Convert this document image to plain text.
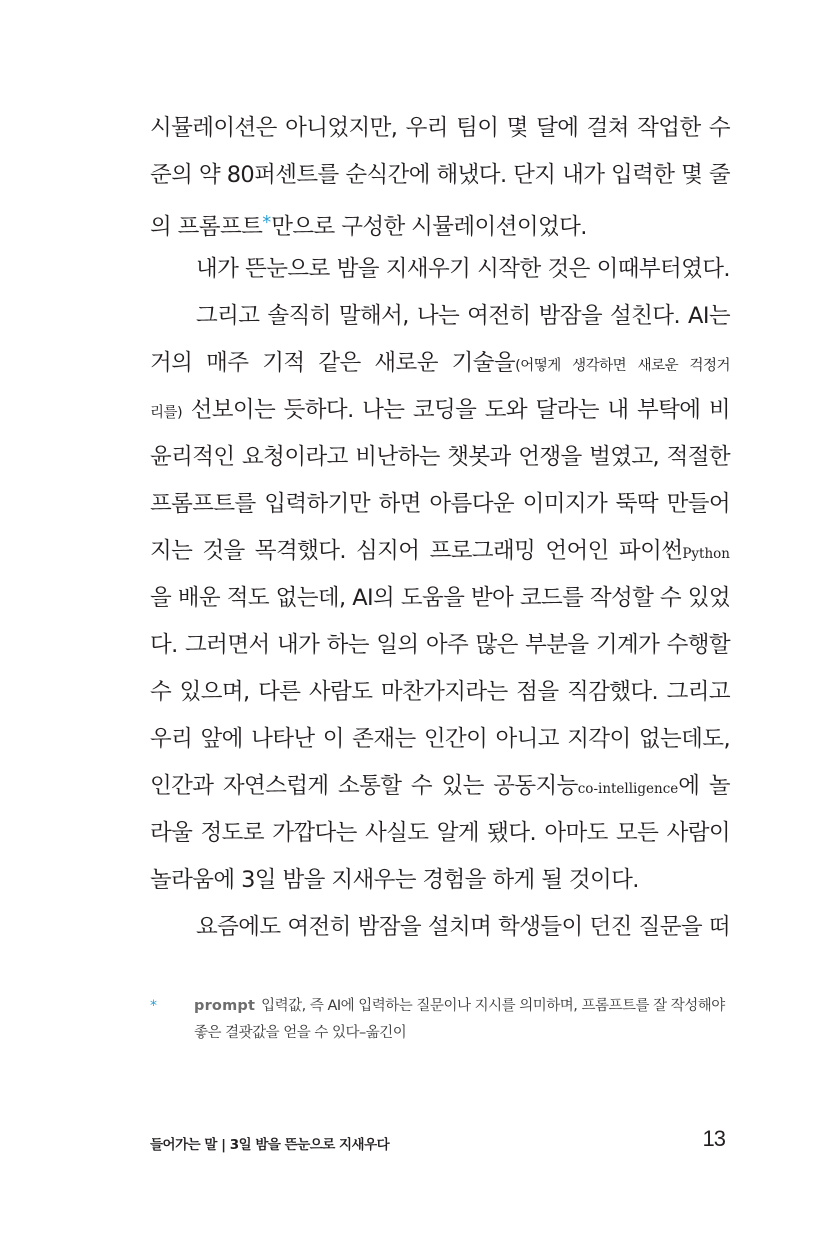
시뮬레이션은 아니었지만, 우리 팀이 몇 달에 걸쳐 작업한 수
준의 약 80퍼센트를 순식간에 해냈다. 단지 내가 입력한 몇 줄
의 프롬프트*만으로 구성한 시뮬레이션이었다.
내가 뜬눈으로 밤을 지새우기 시작한 것은 이때부터였다.
그리고 솔직히 말해서, 나는 여전히 밤잠을 설친다. AI는
거의 매주 기적 같은 새로운 기술을(어떻게 생각하면 새로운 걱정거
리를) 선보이는 듯하다. 나는 코딩을 도와 달라는 내 부탁에 비
윤리적인 요청이라고 비난하는 챗봇과 언쟁을 벌였고, 적절한
프롬프트를 입력하기만 하면 아름다운 이미지가 뚝딱 만들어
지는 것을 목격했다. 심지어 프로그래밍 언어인 파이썬Python
을 배운 적도 없는데, AI의 도움을 받아 코드를 작성할 수 있었
다. 그러면서 내가 하는 일의 아주 많은 부분을 기계가 수행할
수 있으며, 다른 사람도 마찬가지라는 점을 직감했다. 그리고
우리 앞에 나타난 이 존재는 인간이 아니고 지각이 없는데도,
인간과 자연스럽게 소통할 수 있는 공동지능co-intelligence에 놀
라울 정도로 가깝다는 사실도 알게 됐다. 아마도 모든 사람이
놀라움에 3일 밤을 지새우는 경험을 하게 될 것이다.
요즘에도 여전히 밤잠을 설치며 학생들이 던진 질문을 떠
*	prompt 입력값, 즉 AI에 입력하는 질문이나 지시를 의미하며, 프롬프트를 잘 작성해야 좋은 결괏값을 얻을 수 있다–옮긴이
들어가는 말 | 3일 밤을 뜬눈으로 지새우다	13
